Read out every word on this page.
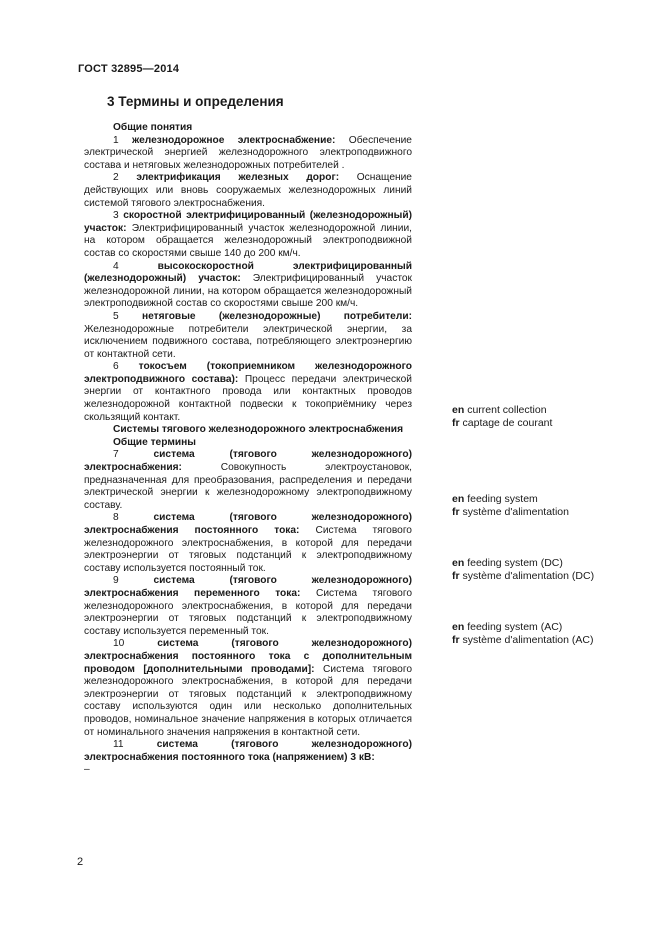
ГОСТ 32895—2014
3 Термины и определения

Общие понятия

1 железнодорожное электроснабжение: Обеспечение электрической энергией железнодорожного электроподвижного состава и нетяговых железнодорожных потребителей .

2 электрификация железных дорог: Оснащение действующих или вновь сооружаемых железнодорожных линий системой тягового электроснабжения.

3 скоростной электрифицированный (железнодорожный) участок: Электрифицированный участок железнодорожной линии, на котором обращается железнодорожный электроподвижной состав со скоростями свыше 140 до 200 км/ч.

4	высокоскоростной электрифицированный (железнодорожный) участок: Электрифицированный участок железнодорожной линии, на котором обращается железнодорожный электроподвижной состав со скоростями свыше 200 км/ч.

5 нетяговые (железнодорожные) потребители: Железнодорожные потребители электрической энергии, за исключением подвижного состава, потребляющего электроэнергию от контактной сети.

6 токосъем (токоприемником железнодорожного электроподвижного состава): Процесс передачи электрической энергии от контактного провода или контактных проводов железнодорожной контактной подвески к токоприёмнику через скользящий контакт.

Системы тягового железнодорожного электроснабжения

Общие термины

7	система (тягового железнодорожного) электроснабжения:	Совокупность электроустановок, предназначенная для преобразования, распределения и передачи электрической энергии к железнодорожному электроподвижному составу.

8	система (тягового железнодорожного) электроснабжения постоянного тока: Система тягового железнодорожного электроснабжения, в которой для передачи электроэнергии от тяговых подстанций к электроподвижному составу используется постоянный ток.

9	система (тягового железнодорожного) электроснабжения переменного тока: Система тягового железнодорожного электроснабжения, в которой для передачи электроэнергии от тяговых подстанций к электроподвижному составу используется переменный ток.

10	система (тягового железнодорожного) электроснабжения постоянного тока с дополнительным проводом [дополнительными проводами]: Система тягового железнодорожного электроснабжения, в которой для передачи электроэнергии от тяговых подстанций к электроподвижному составу используются один или несколько дополнительных проводов, номинальное значение напряжения в которых отличается от номинального значения напряжения в контактной сети.

11	система (тягового железнодорожного) электроснабжения постоянного тока (напряжением) 3 кВ:

–

en current collection
fr captage de courant
en feeding system
fr système d'alimentation
en feeding system (DC)
fr système d'alimentation (DC)
en feeding system (AC)
fr système d'alimentation (AC)
2
